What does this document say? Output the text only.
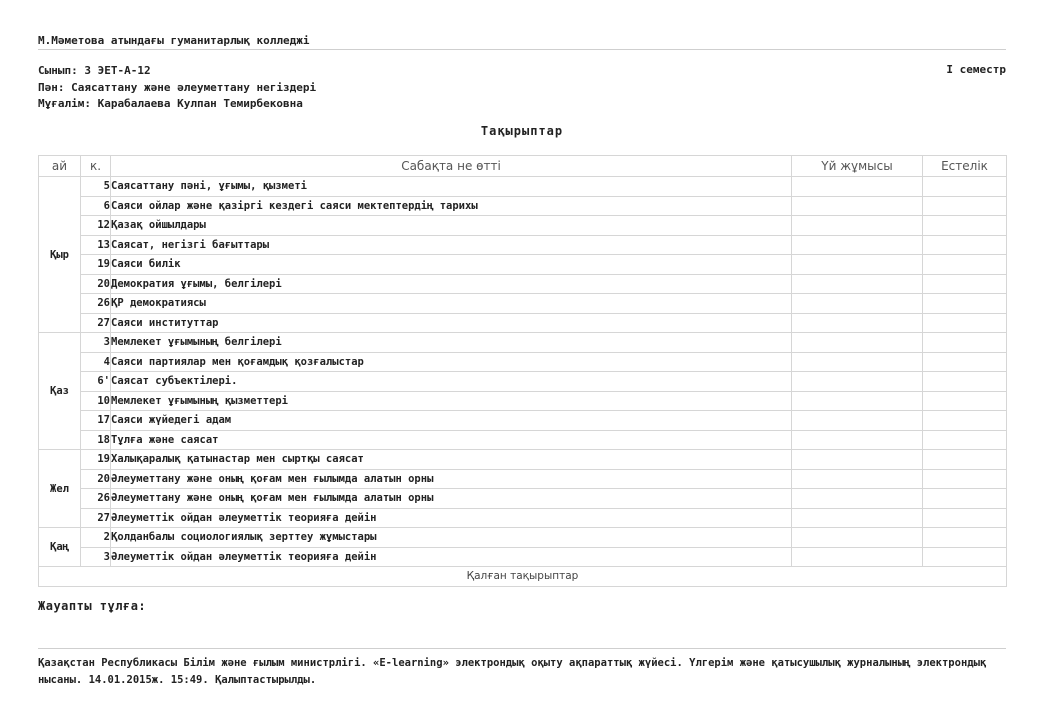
М.Мәметова атындағы гуманитарлық колледжі
Сынып: 3 ЭЕТ-А-12
Пән: Саясаттану және әлеуметтану негіздері
Мұғалім: Карабалаева Кулпан Темирбековна
I семестр
Тақырыптар
ай	к.	Сабақта не өтті	Үй жұмысы	Естелік
Қыр	5	Саясаттану пәні, ұғымы, қызметі		
	6	Саяси ойлар және қазіргі кездегі саяси мектептердің тарихы		
	12	Қазақ ойшылдары		
	13	Саясат, негізгі бағыттары		
	19	Саяси билік		
	20	Демократия ұғымы, белгілері		
	26	ҚР демократиясы		
	27	Саяси институттар		
Қаз	3	Мемлекет ұғымының белгілері		
	4	Саяси партиялар мен қоғамдық қозғалыстар		
	6'	Саясат субъектілері.		
	10	Мемлекет ұғымының қызметтері		
	17	Саяси жүйедегі адам		
	18	Тұлға және саясат		
Жел	19	Халықаралық қатынастар мен сыртқы саясат		
	20	Әлеуметтану және оның қоғам мен ғылымда алатын орны		
	26	Әлеуметтану және оның қоғам мен ғылымда алатын орны		
	27	Әлеуметтік ойдан әлеуметтік теорияға дейін		
Қаң	2	Қолданбалы социологиялық зерттеу жұмыстары		
	3	Әлеуметтік ойдан әлеуметтік теорияға дейін		
Қалған тақырыптар				
Жауапты тұлға:
Қазақстан Республикасы Білім және ғылым министрлігі. «E-learning» электрондық оқыту ақпараттық жүйесі. Үлгерім және қатысушылық журналының электрондық нысаны. 14.01.2015ж. 15:49. Қалыптастырылды.
